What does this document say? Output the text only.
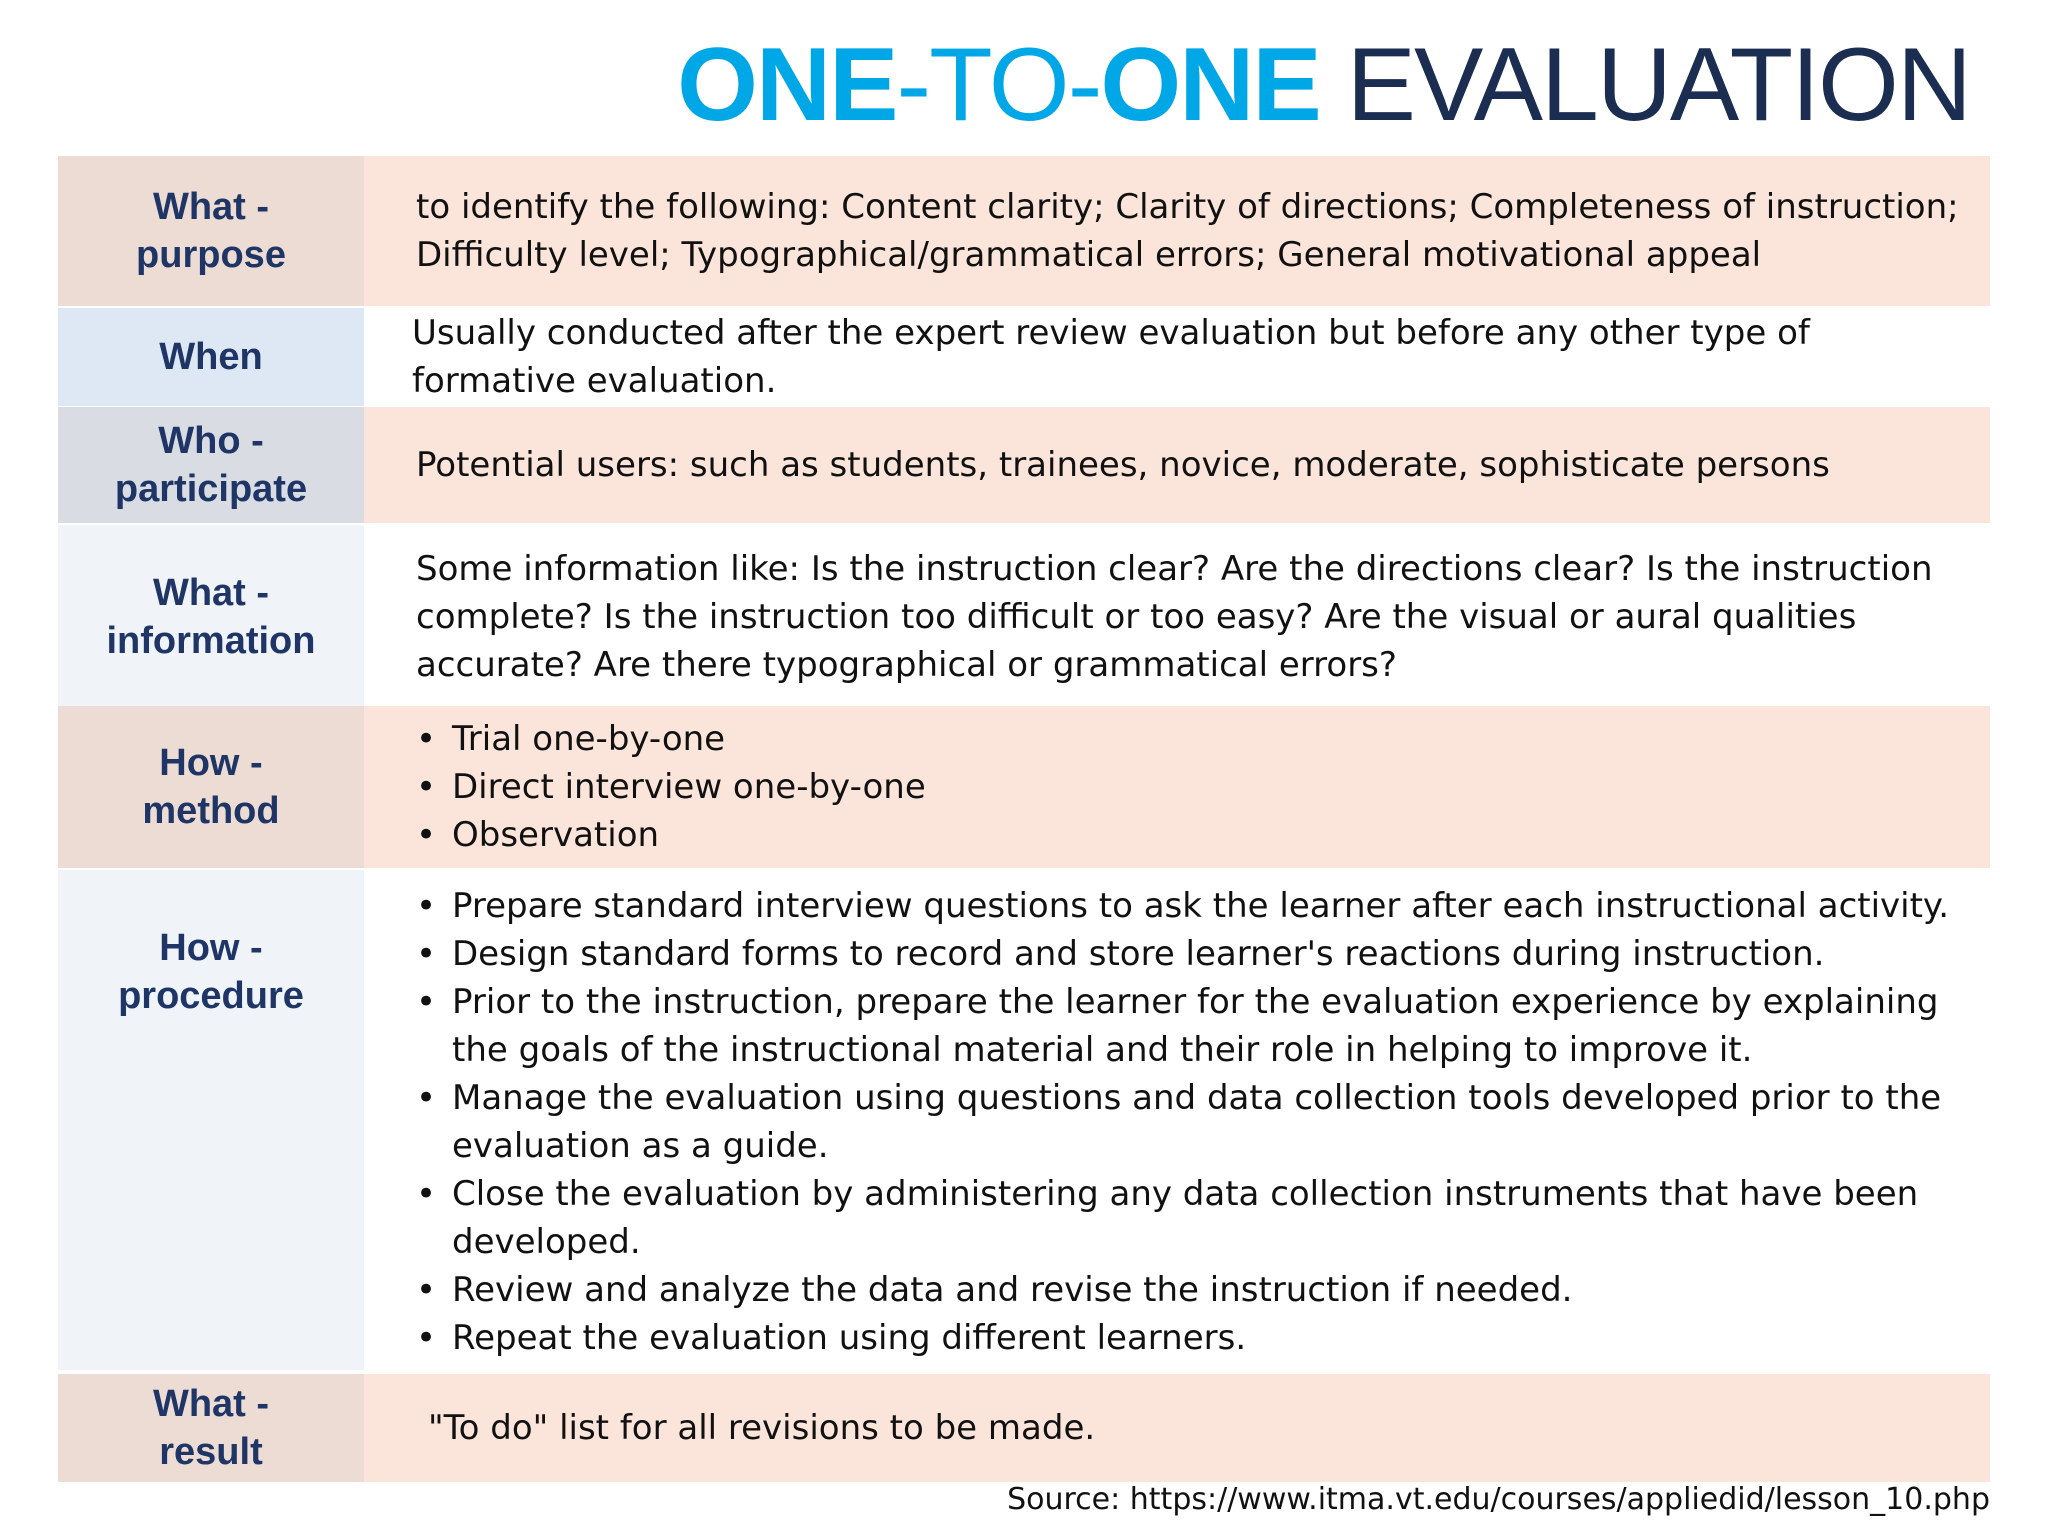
ONE-TO-ONE EVALUATION
What -
purpose
to identify the following: Content clarity; Clarity of directions; Completeness of instruction; Difficulty level; Typographical/grammatical errors; General motivational appeal
When
Usually conducted after the expert review evaluation but before any other type of formative evaluation.
Who -
participate
Potential users: such as students, trainees, novice, moderate, sophisticate persons
What -
information
Some information like: Is the instruction clear? Are the directions clear? Is the instruction complete? Is the instruction too difficult or too easy? Are the visual or aural qualities accurate? Are there typographical or grammatical errors?
How -
method
• Trial one-by-one
• Direct interview one-by-one
• Observation
How -
procedure
• Prepare standard interview questions to ask the learner after each instructional activity.
• Design standard forms to record and store learner's reactions during instruction.
• Prior to the instruction, prepare the learner for the evaluation experience by explaining the goals of the instructional material and their role in helping to improve it.
• Manage the evaluation using questions and data collection tools developed prior to the evaluation as a guide.
• Close the evaluation by administering any data collection instruments that have been developed.
• Review and analyze the data and revise the instruction if needed.
• Repeat the evaluation using different learners.
What -
result
"To do" list for all revisions to be made.
Source: https://www.itma.vt.edu/courses/appliedid/lesson_10.php
